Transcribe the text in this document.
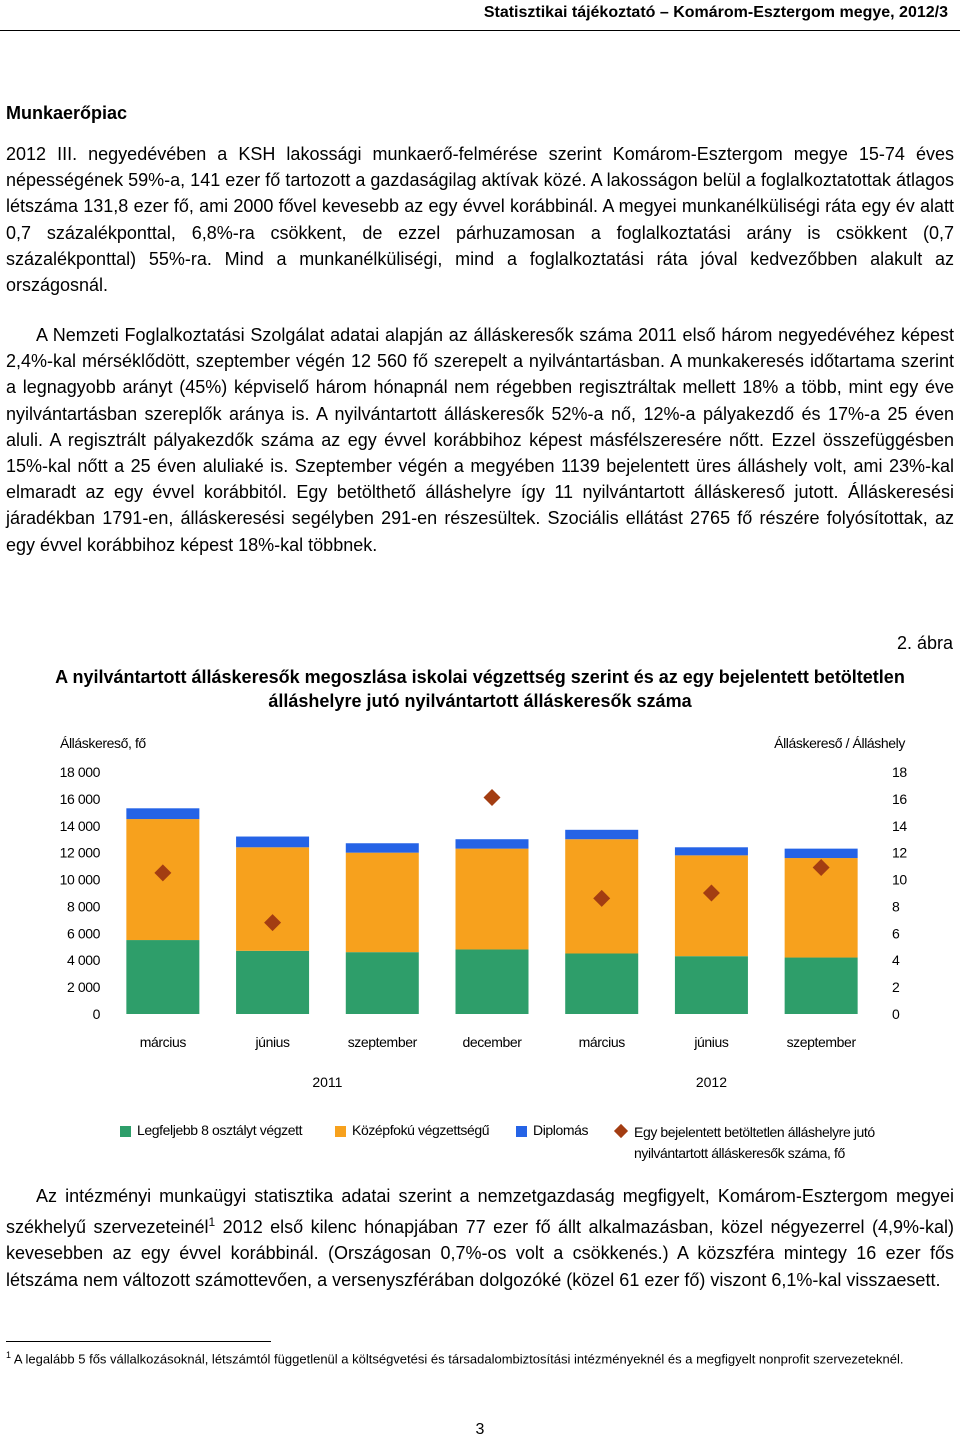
Statisztikai tájékoztató – Komárom-Esztergom megye, 2012/3
Munkaerőpiac

2012 III. negyedévében a KSH lakossági munkaerő-felmérése szerint Komárom-Esztergom megye 15-74 éves népességének 59%-a, 141 ezer fő tartozott a gazdaságilag aktívak közé. A lakosságon belül a foglalkoztatottak átlagos létszáma 131,8 ezer fő, ami 2000 fővel kevesebb az egy évvel korábbinál. A megyei munkanélküliségi ráta egy év alatt 0,7 százalékponttal, 6,8%-ra csökkent, de ezzel párhuzamosan a foglalkoztatási arány is csökkent (0,7 százalékponttal) 55%-ra. Mind a munkanélküliségi, mind a foglalkoztatási ráta jóval kedvezőbben alakult az országosnál.

A Nemzeti Foglalkoztatási Szolgálat adatai alapján az álláskeresők száma 2011 első három negyedévéhez képest 2,4%-kal mérséklődött, szeptember végén 12 560 fő szerepelt a nyilvántartásban. A munkakeresés időtartama szerint a legnagyobb arányt (45%) képviselő három hónapnál nem régebben regisztráltak mellett 18% a több, mint egy éve nyilvántartásban szereplők aránya is. A nyilvántartott álláskeresők 52%-a nő, 12%-a pályakezdő és 17%-a 25 éven aluli. A regisztrált pályakezdők száma az egy évvel korábbihoz képest másfélszeresére nőtt. Ezzel összefüggésben 15%-kal nőtt a 25 éven aluliaké is. Szeptember végén a megyében 1139 bejelentett üres álláshely volt, ami 23%-kal elmaradt az egy évvel korábbitól. Egy betölthető álláshelyre így 11 nyilvántartott álláskereső jutott. Álláskeresési járadékban 1791-en, álláskeresési segélyben 291-en részesültek. Szociális ellátást 2765 fő részére folyósítottak, az egy évvel korábbihoz képest 18%-kal többnek.

2. ábra
A nyilvántartott álláskeresők megoszlása iskolai végzettség szerint és az egy bejelentett betöltetlen álláshelyre jutó nyilvántartott álláskeresők száma
Álláskereső, fő	Álláskereső / Álláshely
0
2 000
4 000
6 000
8 000
10 000
12 000
14 000
16 000
18 000
0
2
4
6
8
10
12
14
16
18
március	június	szeptember	december	március	június	szeptember
2011	2012
Legfeljebb 8 osztályt végzett	Középfokú végzettségű	Diplomás	Egy bejelentett betöltetlen álláshelyre jutó
nyilvántartott álláskeresők száma, fő

Az intézményi munkaügyi statisztika adatai szerint a nemzetgazdaság megfigyelt, Komárom-Esztergom megyei székhelyű szervezeteinél$^1$ 2012 első kilenc hónapjában 77 ezer fő állt alkalmazásban, közel négyezerrel (4,9%-kal) kevesebben az egy évvel korábbinál. (Országosan 0,7%-os volt a csökkenés.) A közszféra mintegy 16 ezer fős létszáma nem változott számottevően, a versenyszférában dolgozóké (közel 61 ezer fő) viszont 6,1%-kal visszaesett.

$^1$ A legalább 5 fős vállalkozásoknál, létszámtól függetlenül a költségvetési és társadalombiztosítási intézményeknél és a megfigyelt nonprofit szervezeteknél.

3
